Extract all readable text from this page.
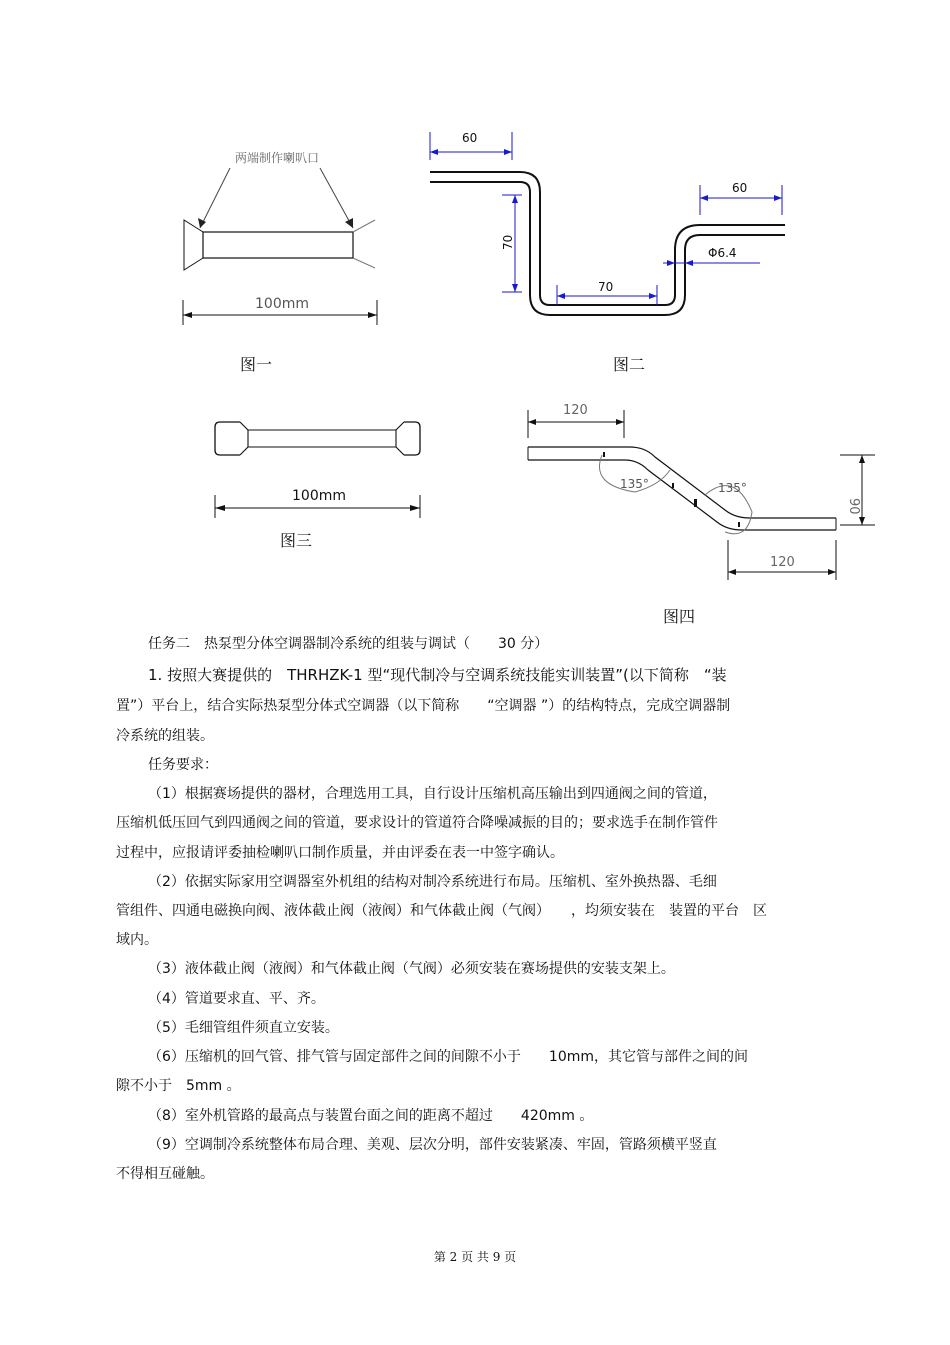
两端制作喇叭口
100mm
图一
60
70
70
60
Φ6.4
图二
100mm
图三
120
135°	135°
90
120
图四
任务二　热泵型分体空调器制冷系统的组装与调试（　　30 分）
1. 按照大赛提供的　THRHZK-1 型“现代制冷与空调系统技能实训装置”(以下简称　“装
置”）平台上，结合实际热泵型分体式空调器（以下简称　　“空调器 ”）的结构特点，完成空调器制
冷系统的组装。
任务要求：
（1）根据赛场提供的器材，合理选用工具，自行设计压缩机高压输出到四通阀之间的管道，
压缩机低压回气到四通阀之间的管道，要求设计的管道符合降噪减振的目的；要求选手在制作管件
过程中，应报请评委抽检喇叭口制作质量，并由评委在表一中签字确认。
（2）依据实际家用空调器室外机组的结构对制冷系统进行布局。压缩机、室外换热器、毛细
管组件、四通电磁换向阀、液体截止阀（液阀）和气体截止阀（气阀）　　，均须安装在　装置的平台　区
域内。
（3）液体截止阀（液阀）和气体截止阀（气阀）必须安装在赛场提供的安装支架上。
（4）管道要求直、平、齐。
（5）毛细管组件须直立安装。
（6）压缩机的回气管、排气管与固定部件之间的间隙不小于　　10mm，其它管与部件之间的间
隙不小于　5mm 。
（8）室外机管路的最高点与装置台面之间的距离不超过　　420mm 。
（9）空调制冷系统整体布局合理、美观、层次分明，部件安装紧凑、牢固，管路须横平竖直
不得相互碰触。
第 2 页 共 9 页
